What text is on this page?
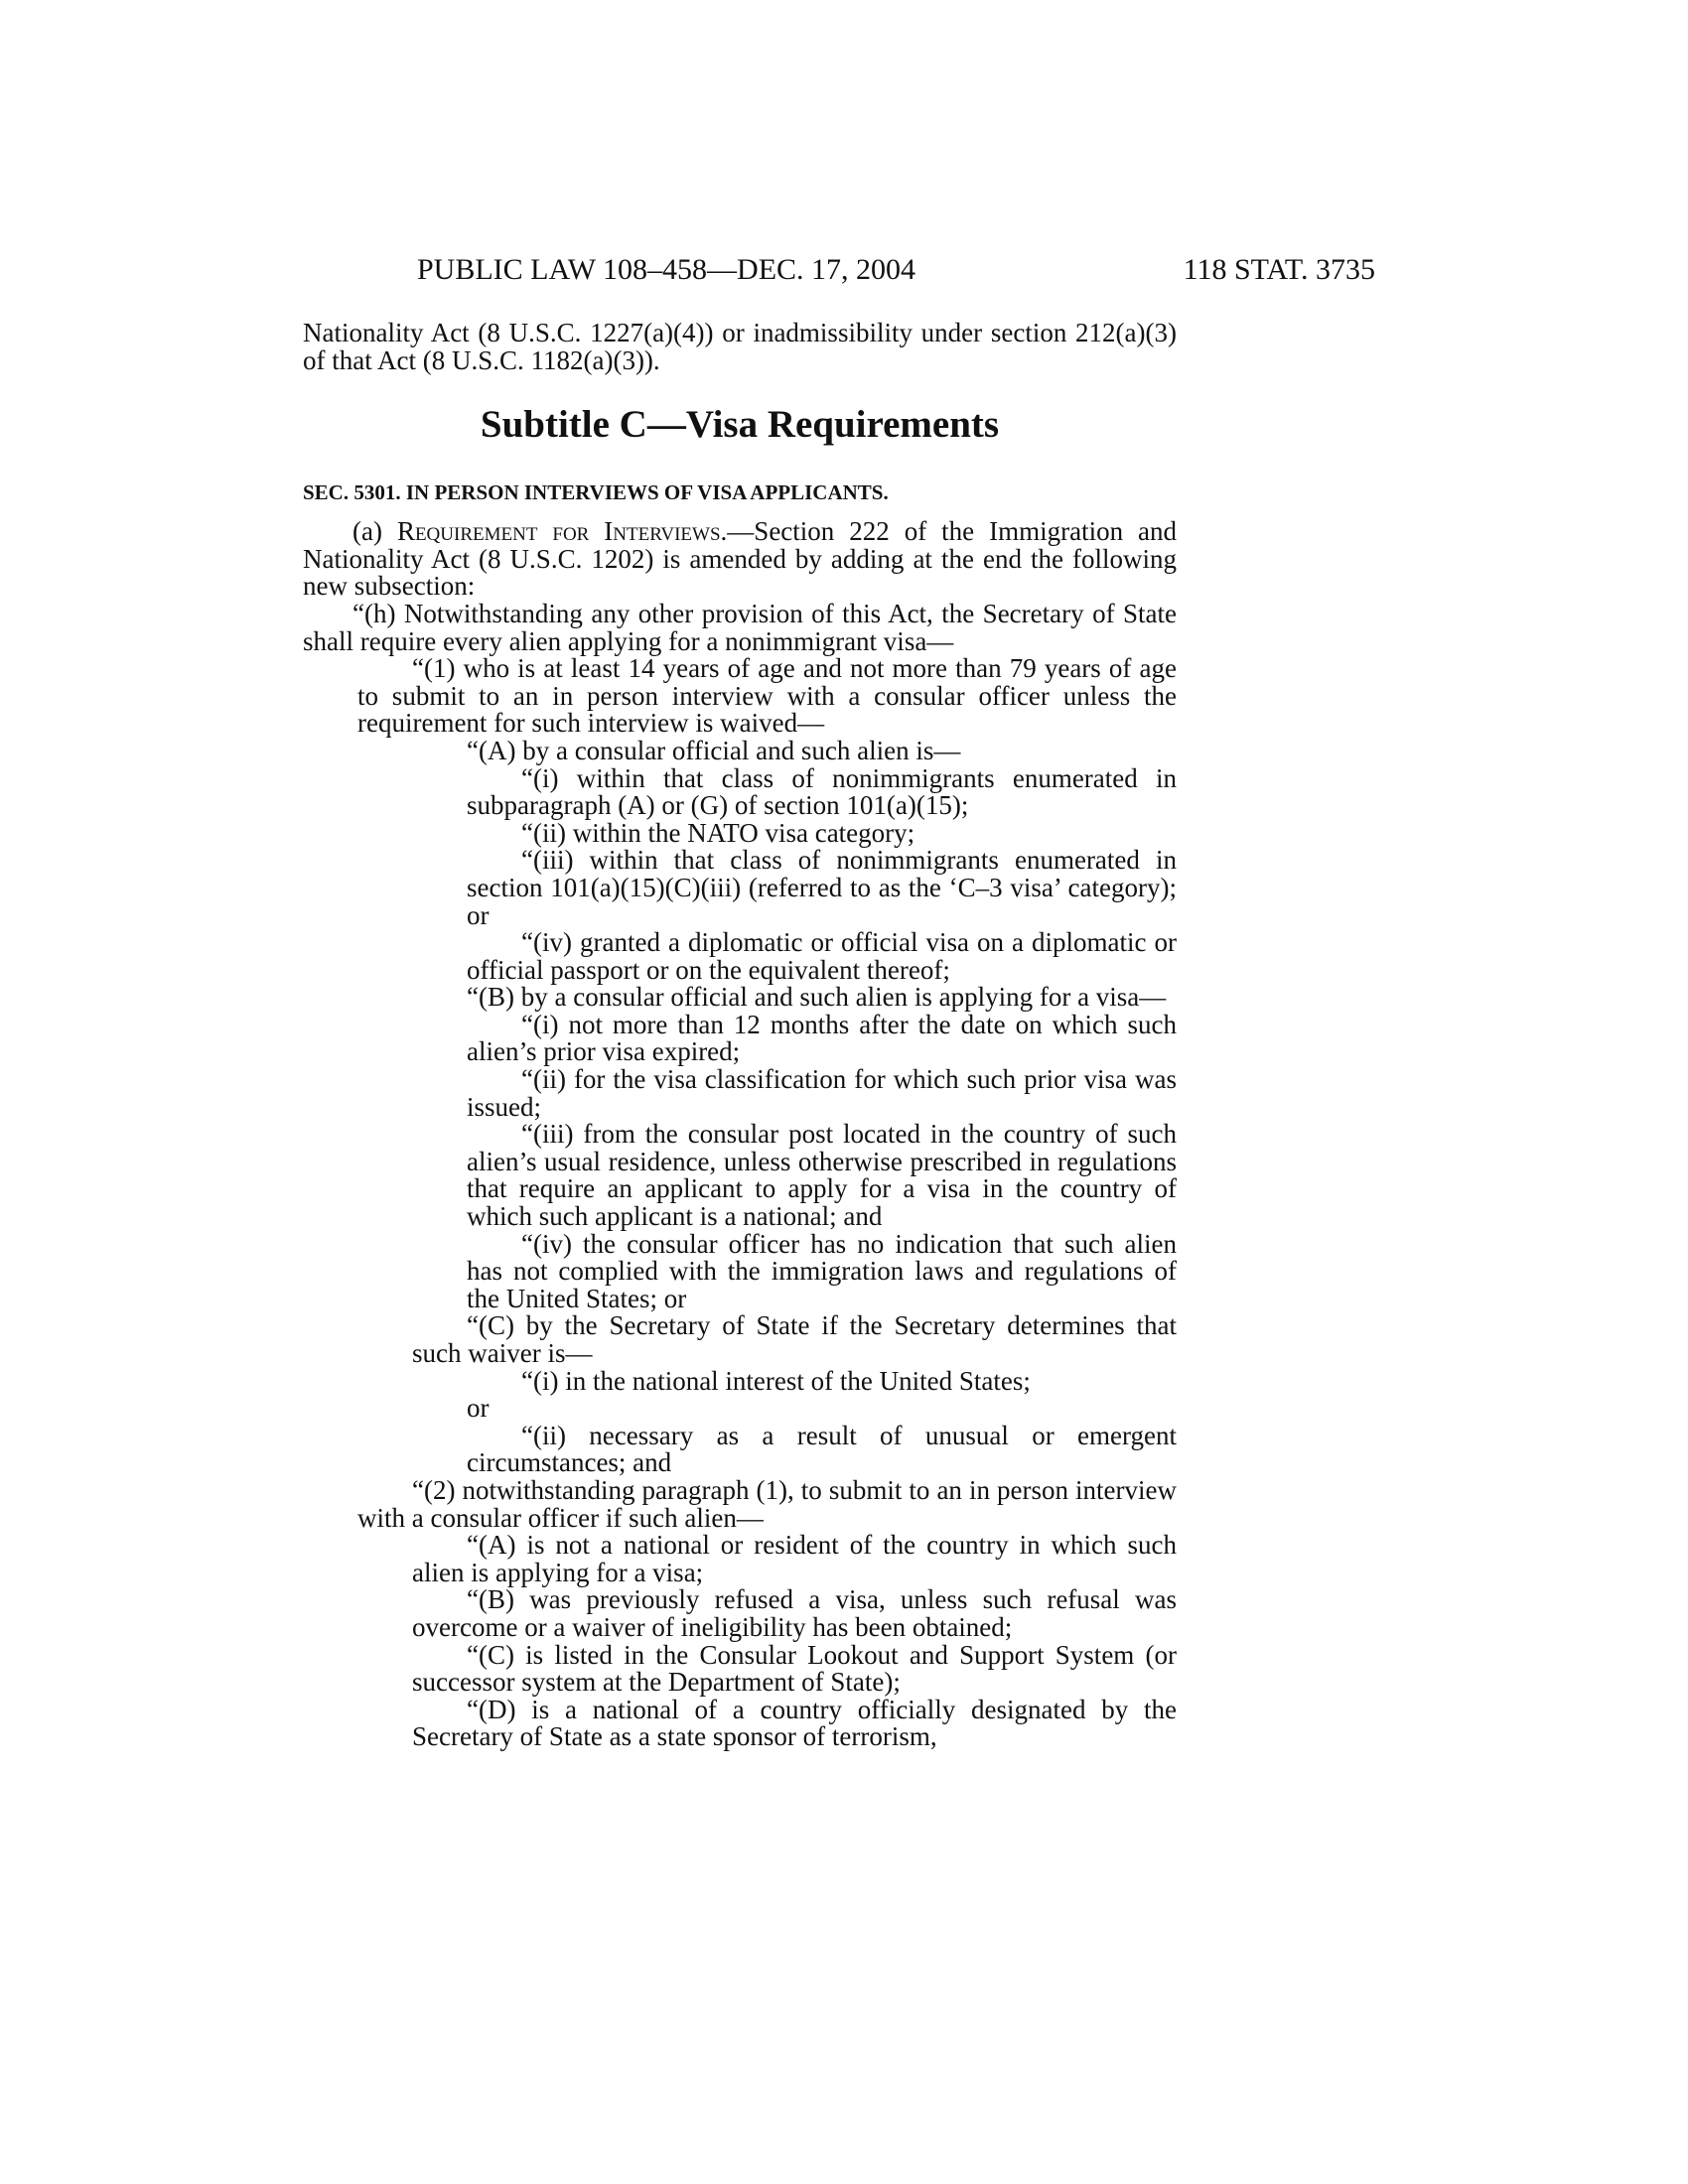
PUBLIC LAW 108–458—DEC. 17, 2004	118 STAT. 3735

Nationality Act (8 U.S.C. 1227(a)(4)) or inadmissibility under section 212(a)(3) of that Act (8 U.S.C. 1182(a)(3)).

Subtitle C—Visa Requirements

SEC. 5301. IN PERSON INTERVIEWS OF VISA APPLICANTS.

(a) Requirement for Interviews.—Section 222 of the Immigration and Nationality Act (8 U.S.C. 1202) is amended by adding at the end the following new subsection:

“(h) Notwithstanding any other provision of this Act, the Secretary of State shall require every alien applying for a nonimmigrant visa—

“(1) who is at least 14 years of age and not more than 79 years of age to submit to an in person interview with a consular officer unless the requirement for such interview is waived—

“(A) by a consular official and such alien is—

“(i) within that class of nonimmigrants enumerated in subparagraph (A) or (G) of section 101(a)(15);

“(ii) within the NATO visa category;

“(iii) within that class of nonimmigrants enumerated in section 101(a)(15)(C)(iii) (referred to as the ‘C–3 visa’ category); or

“(iv) granted a diplomatic or official visa on a diplomatic or official passport or on the equivalent thereof;

“(B) by a consular official and such alien is applying for a visa—

“(i) not more than 12 months after the date on which such alien’s prior visa expired;

“(ii) for the visa classification for which such prior visa was issued;

“(iii) from the consular post located in the country of such alien’s usual residence, unless otherwise prescribed in regulations that require an applicant to apply for a visa in the country of which such applicant is a national; and

“(iv) the consular officer has no indication that such alien has not complied with the immigration laws and regulations of the United States; or

“(C) by the Secretary of State if the Secretary determines that such waiver is—

“(i) in the national interest of the United States;

or

“(ii) necessary as a result of unusual or emergent circumstances; and

“(2) notwithstanding paragraph (1), to submit to an in person interview with a consular officer if such alien—

“(A) is not a national or resident of the country in which such alien is applying for a visa;

“(B) was previously refused a visa, unless such refusal was overcome or a waiver of ineligibility has been obtained;

“(C) is listed in the Consular Lookout and Support System (or successor system at the Department of State);

“(D) is a national of a country officially designated by the Secretary of State as a state sponsor of terrorism,
